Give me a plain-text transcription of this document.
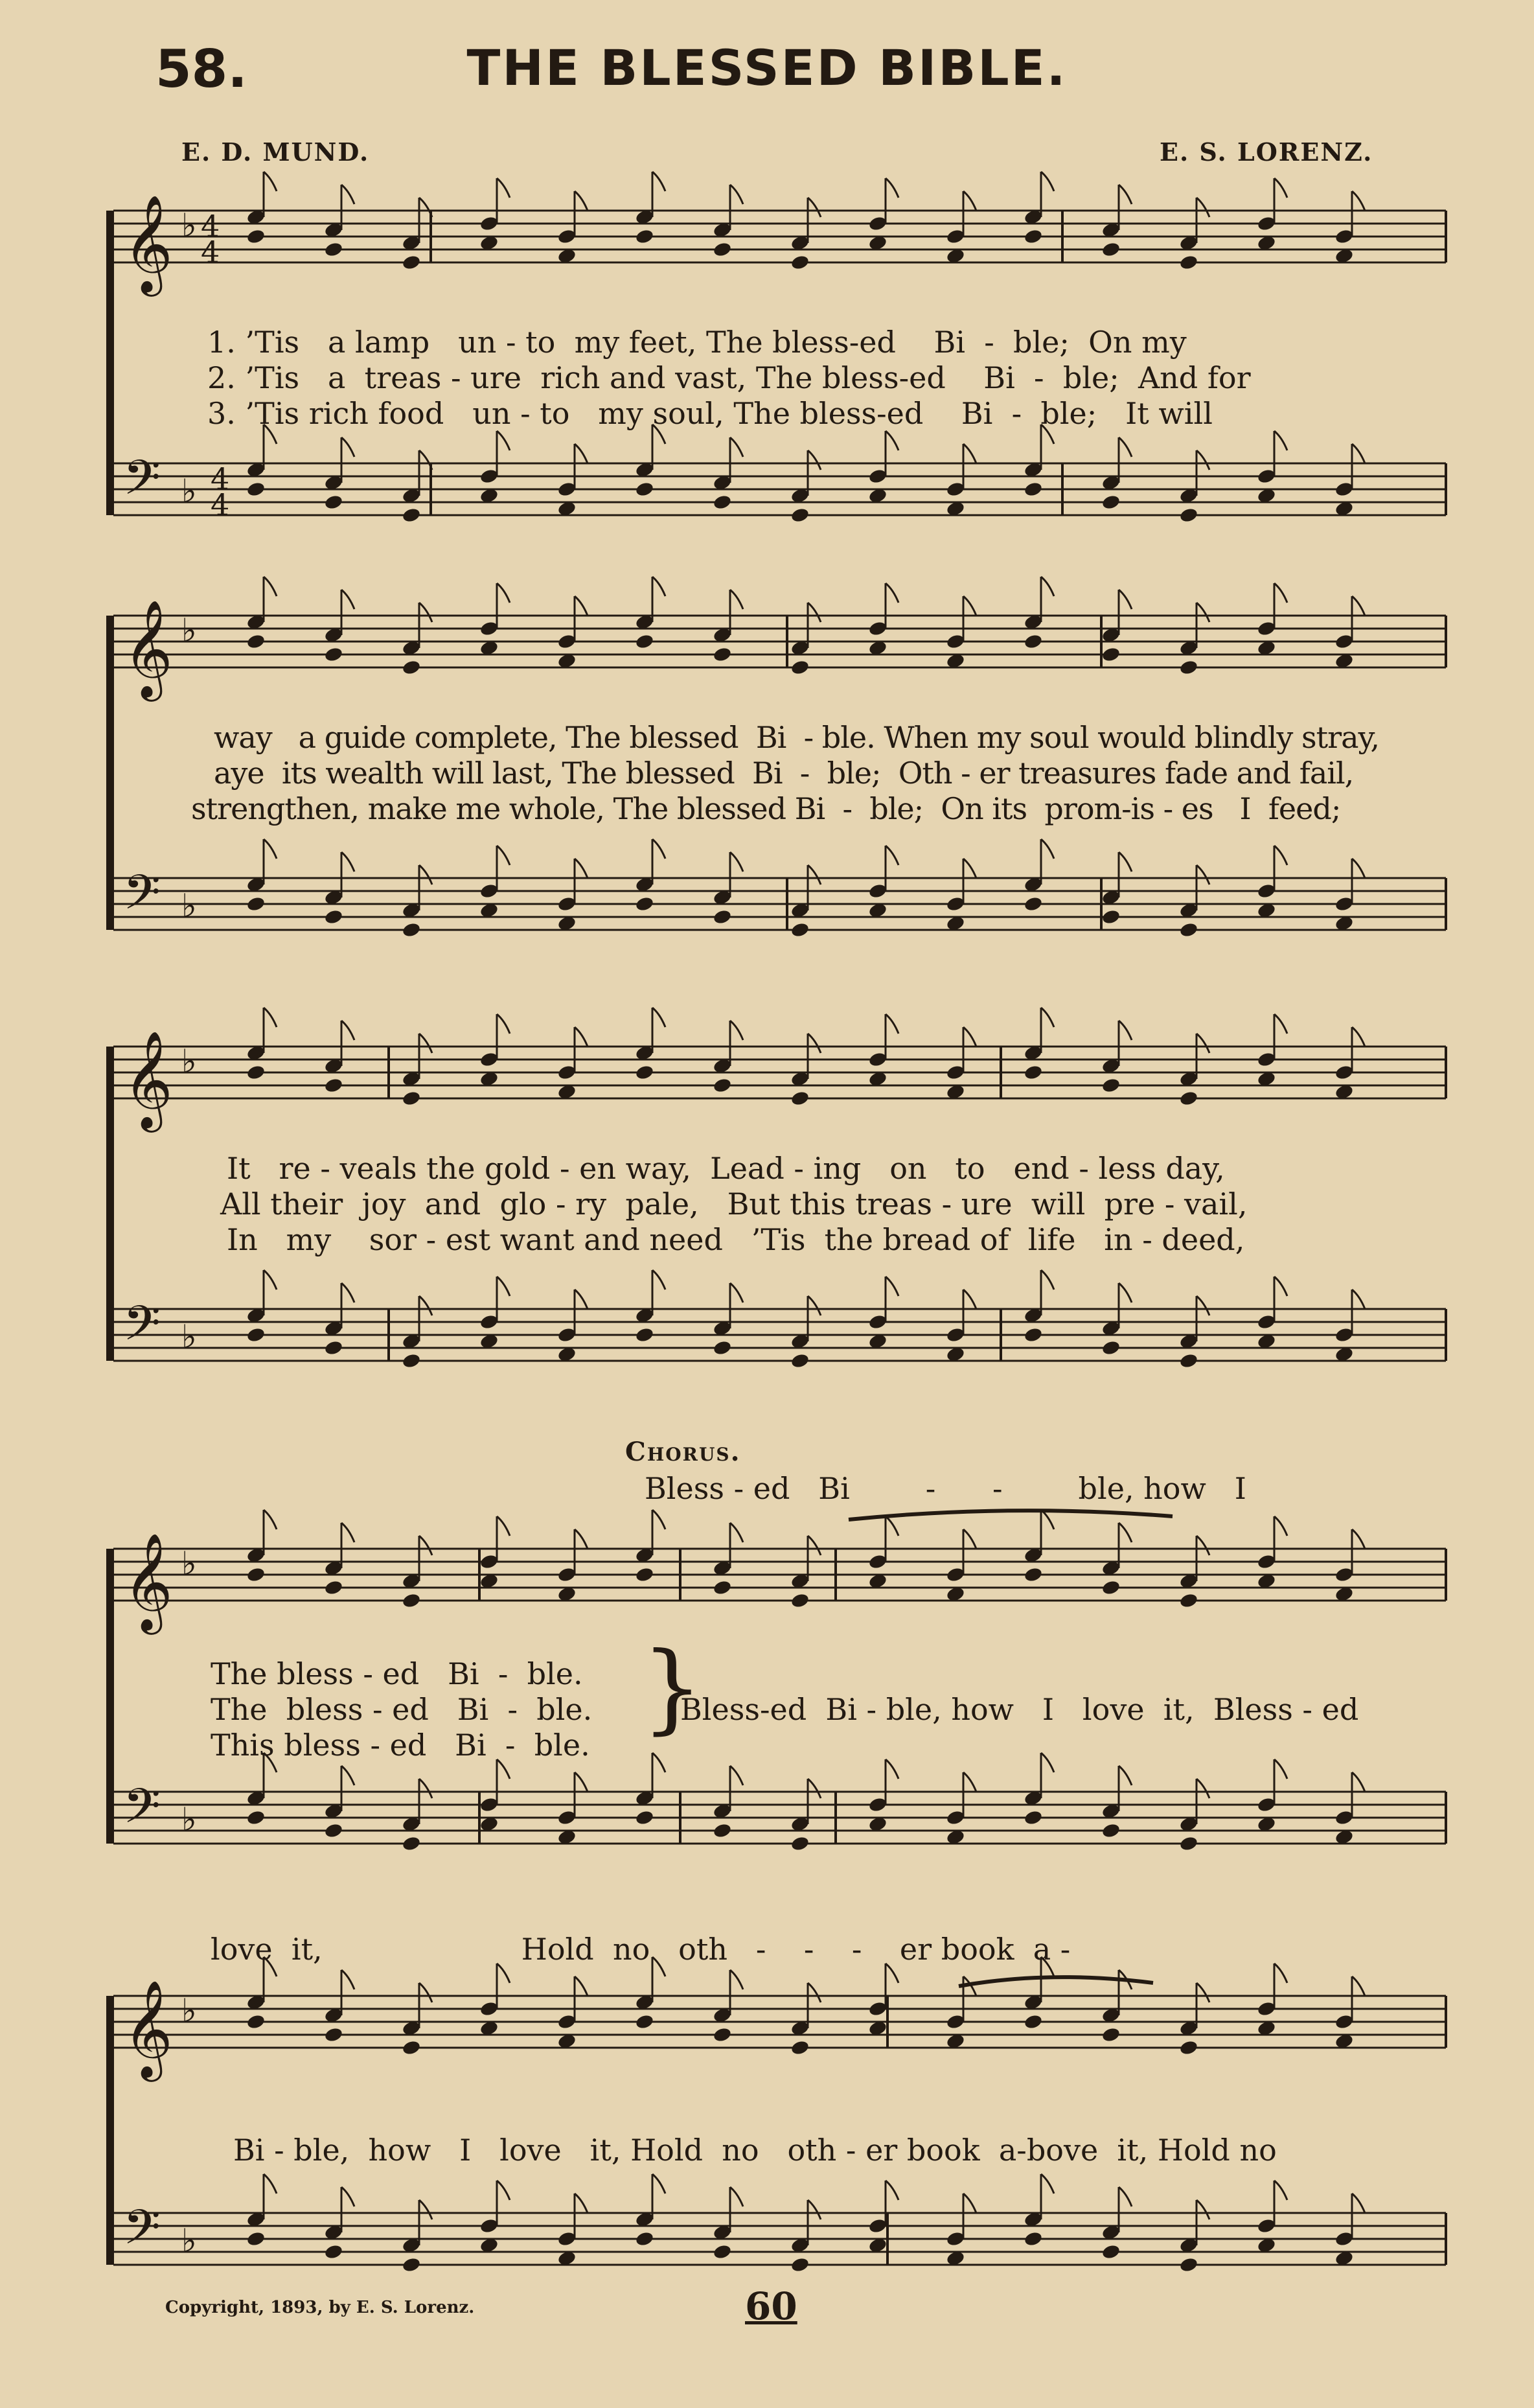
58.	THE BLESSED BIBLE.
E. D. MUND.	E. S. LORENZ.
𝄞
𝄢
♭
♭
4
4
4
4
𝄞
𝄢
♭
♭
𝄞
𝄢
♭
♭
𝄞
𝄢
♭
♭
𝄞
𝄢
♭
♭
1. ’Tis   a lamp   un - to  my feet, The bless-ed    Bi  -  ble;  On my
2. ’Tis   a  treas - ure  rich and vast, The bless-ed    Bi  -  ble;  And for
3. ’Tis rich food   un - to   my soul, The bless-ed    Bi  -  ble;   It will
way   a guide complete, The blessed  Bi  - ble. When my soul would blindly stray,
aye  its wealth will last, The blessed  Bi  -  ble;  Oth - er treasures fade and fail,
strengthen, make me whole, The blessed Bi  -  ble;  On its  prom-is - es   I  feed;
It   re - veals the gold - en way,  Lead - ing   on   to   end - less day,
All their  joy  and  glo - ry  pale,   But this treas - ure  will  pre - vail,
In   my    sor - est want and need   ’Tis  the bread of  life   in - deed,
Chorus.
Bless - ed   Bi        -      -        ble, how   I
The bless - ed   Bi  -  ble.
The  bless - ed   Bi  -  ble.
This bless - ed   Bi  -  ble.
}
Bless-ed  Bi - ble, how   I   love  it,  Bless - ed
love  it,                     Hold  no   oth   -    -    -    er book  a -
Bi - ble,  how   I   love   it, Hold  no   oth - er book  a-bove  it, Hold no
Copyright, 1893, by E. S. Lorenz.	60
